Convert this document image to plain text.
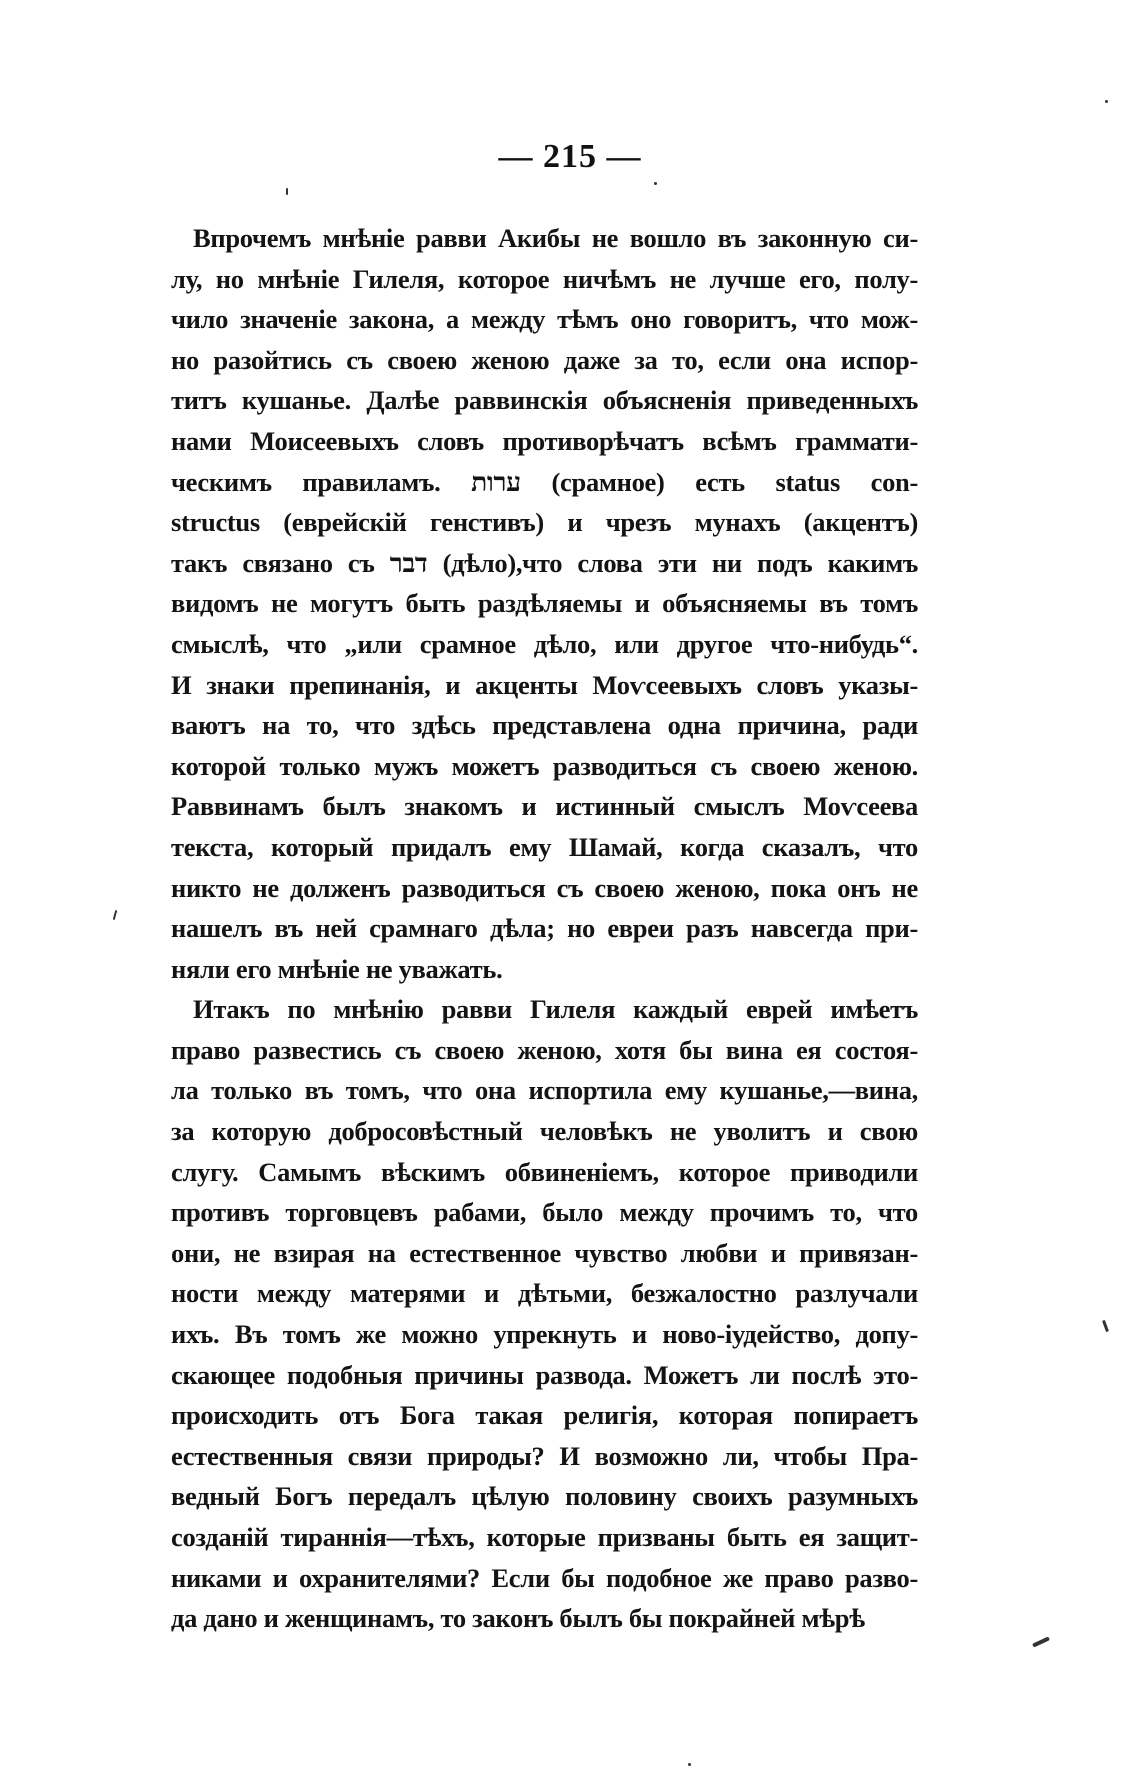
— 215 —
Впрочемъ мнѣніе равви Акибы не вошло въ законную си-
лу, но мнѣніе Гилеля, которое ничѣмъ не лучше его, полу-
чило значеніе закона, а между тѣмъ оно говоритъ, что мож-
но разойтись съ своею женою даже за то, если она испор-
титъ кушанье. Далѣе раввинскія объясненія приведенныхъ
нами Моисеевыхъ словъ противорѣчатъ всѣмъ граммати-
ческимъ правиламъ. ערות (срамное) есть status con-
structus (еврейскій генстивъ) и чрезъ мунахъ (акцентъ)
такъ связано съ דבר (дѣло),что слова эти ни подъ какимъ
видомъ не могутъ быть раздѣляемы и объясняемы въ томъ
смыслѣ, что „или срамное дѣло, или другое что-нибудь“.
И знаки препинанія, и акценты Моѵсеевыхъ словъ указы-
ваютъ на то, что здѣсь представлена одна причина, ради
которой только мужъ можетъ разводиться съ своею женою.
Раввинамъ былъ знакомъ и истинный смыслъ Моѵсеева
текста, который придалъ ему Шамай, когда сказалъ, что
никто не долженъ разводиться съ своею женою, пока онъ не
нашелъ въ ней срамнаго дѣла; но евреи разъ навсегда при-
няли его мнѣніе не уважать.
Итакъ по мнѣнію равви Гилеля каждый еврей имѣетъ
право развестись съ своею женою, хотя бы вина ея состоя-
ла только въ томъ, что она испортила ему кушанье,—вина,
за которую добросовѣстный человѣкъ не уволитъ и свою
слугу. Самымъ вѣскимъ обвиненіемъ, которое приводили
противъ торговцевъ рабами, было между прочимъ то, что
они, не взирая на естественное чувство любви и привязан-
ности между матерями и дѣтьми, безжалостно разлучали
ихъ. Въ томъ же можно упрекнуть и ново-іудейство, допу-
скающее подобныя причины развода. Можетъ ли послѣ это-
происходить отъ Бога такая религія, которая попираетъ
естественныя связи природы? И возможно ли, чтобы Пра-
ведный Богъ передалъ цѣлую половину своихъ разумныхъ
созданій тираннія—тѣхъ, которые призваны быть ея защит-
никами и охранителями? Если бы подобное же право разво-
да дано и женщинамъ, то законъ былъ бы покрайней мѣрѣ
